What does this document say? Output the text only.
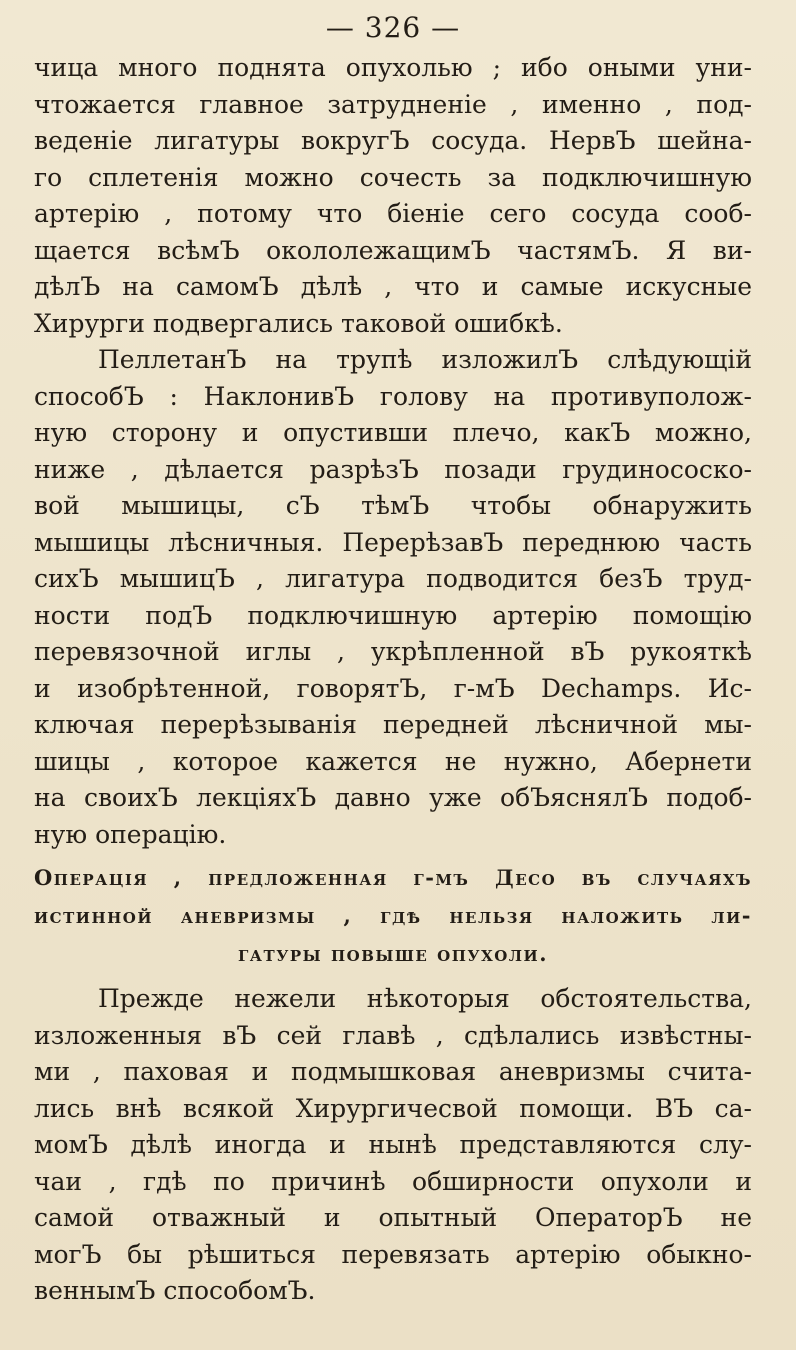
— 326 —

чица много поднята опухолью ; ибо оными уни-

чтожается главное затрудненiе , именно , под-

веденiе лигатуры вокругЪ сосуда. НервЪ шейна-

го сплетенiя можно сочесть за подключишную

артерiю , потому что бiенiе сего сосуда сооб-

щается всѣмЪ окололежащимЪ частямЪ. Я ви-

дѣлЪ на самомЪ дѣлѣ , что и самые искусные

Хирурги подвергались таковой ошибкѣ.

ПеллетанЪ на трупѣ изложилЪ слѣдующiй

способЪ : НаклонивЪ голову на противуполож-

ную сторону и опустивши плечо, какЪ можно,

ниже , дѣлается разрѣзЪ позади грудинососко-

вой мышицы, сЪ тѣмЪ чтобы обнаружить

мышицы лѣсничныя. ПерерѣзавЪ переднюю часть

сихЪ мышицЪ , лигатура подводится безЪ труд-

ности подЪ подключишную артерiю помощiю

перевязочной иглы , укрѣпленной вЪ рукояткѣ

и изобрѣтенной, говорятЪ, г-мЪ Dechamps. Ис-

ключая перерѣзыванiя передней лѣсничной мы-

шицы , которое кажется не нужно, Абернети

на своихЪ лекцiяхЪ давно уже обЪяснялЪ подоб-

ную операцiю.

Операцiя , предложенная г-мъ Десо въ случаяхъ

истинной аневризмы , гдѣ нельзя наложить ли-

гатуры повыше опухоли.

Прежде нежели нѣкоторыя обстоятельства,

изложенныя вЪ сей главѣ , сдѣлались извѣстны-

ми , паховая и подмышковая аневризмы счита-

лись внѣ всякой Хирургичесвой помощи. ВЪ са-

момЪ дѣлѣ иногда и нынѣ представляются слу-

чаи , гдѣ по причинѣ обширности опухоли и

самой отважный и опытный ОператорЪ не

могЪ бы рѣшиться перевязать артерiю обыкно-

веннымЪ способомЪ.
